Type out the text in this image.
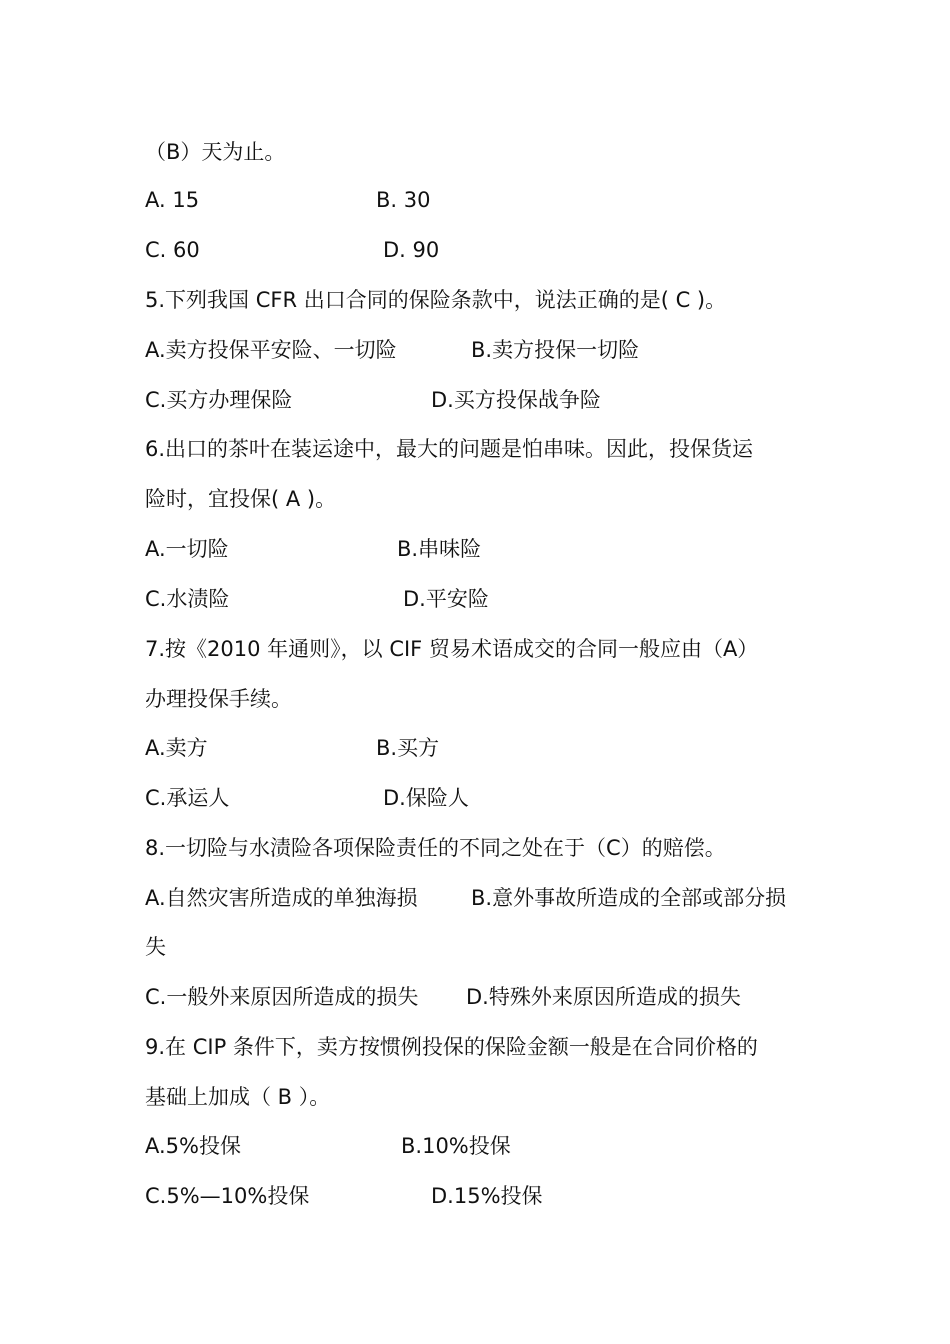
（B）天为止。
A. 15	B. 30
C. 60	D. 90
5.下列我国 CFR 出口合同的保险条款中，说法正确的是( C )。
A.卖方投保平安险、一切险	B.卖方投保一切险
C.买方办理保险	D.买方投保战争险
6.出口的茶叶在装运途中，最大的问题是怕串味。因此，投保货运
险时，宜投保( A )。
A.一切险	B.串味险
C.水渍险	D.平安险
7.按《2010 年通则》，以 CIF 贸易术语成交的合同一般应由（A）
办理投保手续。
A.卖方	B.买方
C.承运人	D.保险人
8.一切险与水渍险各项保险责任的不同之处在于（C）的赔偿。
A.自然灾害所造成的单独海损	B.意外事故所造成的全部或部分损
失
C.一般外来原因所造成的损失 D.特殊外来原因所造成的损失
9.在 CIP 条件下，卖方按惯例投保的保险金额一般是在合同价格的
基础上加成（ B ）。
A.5%投保	B.10%投保
C.5%—10%投保	D.15%投保
